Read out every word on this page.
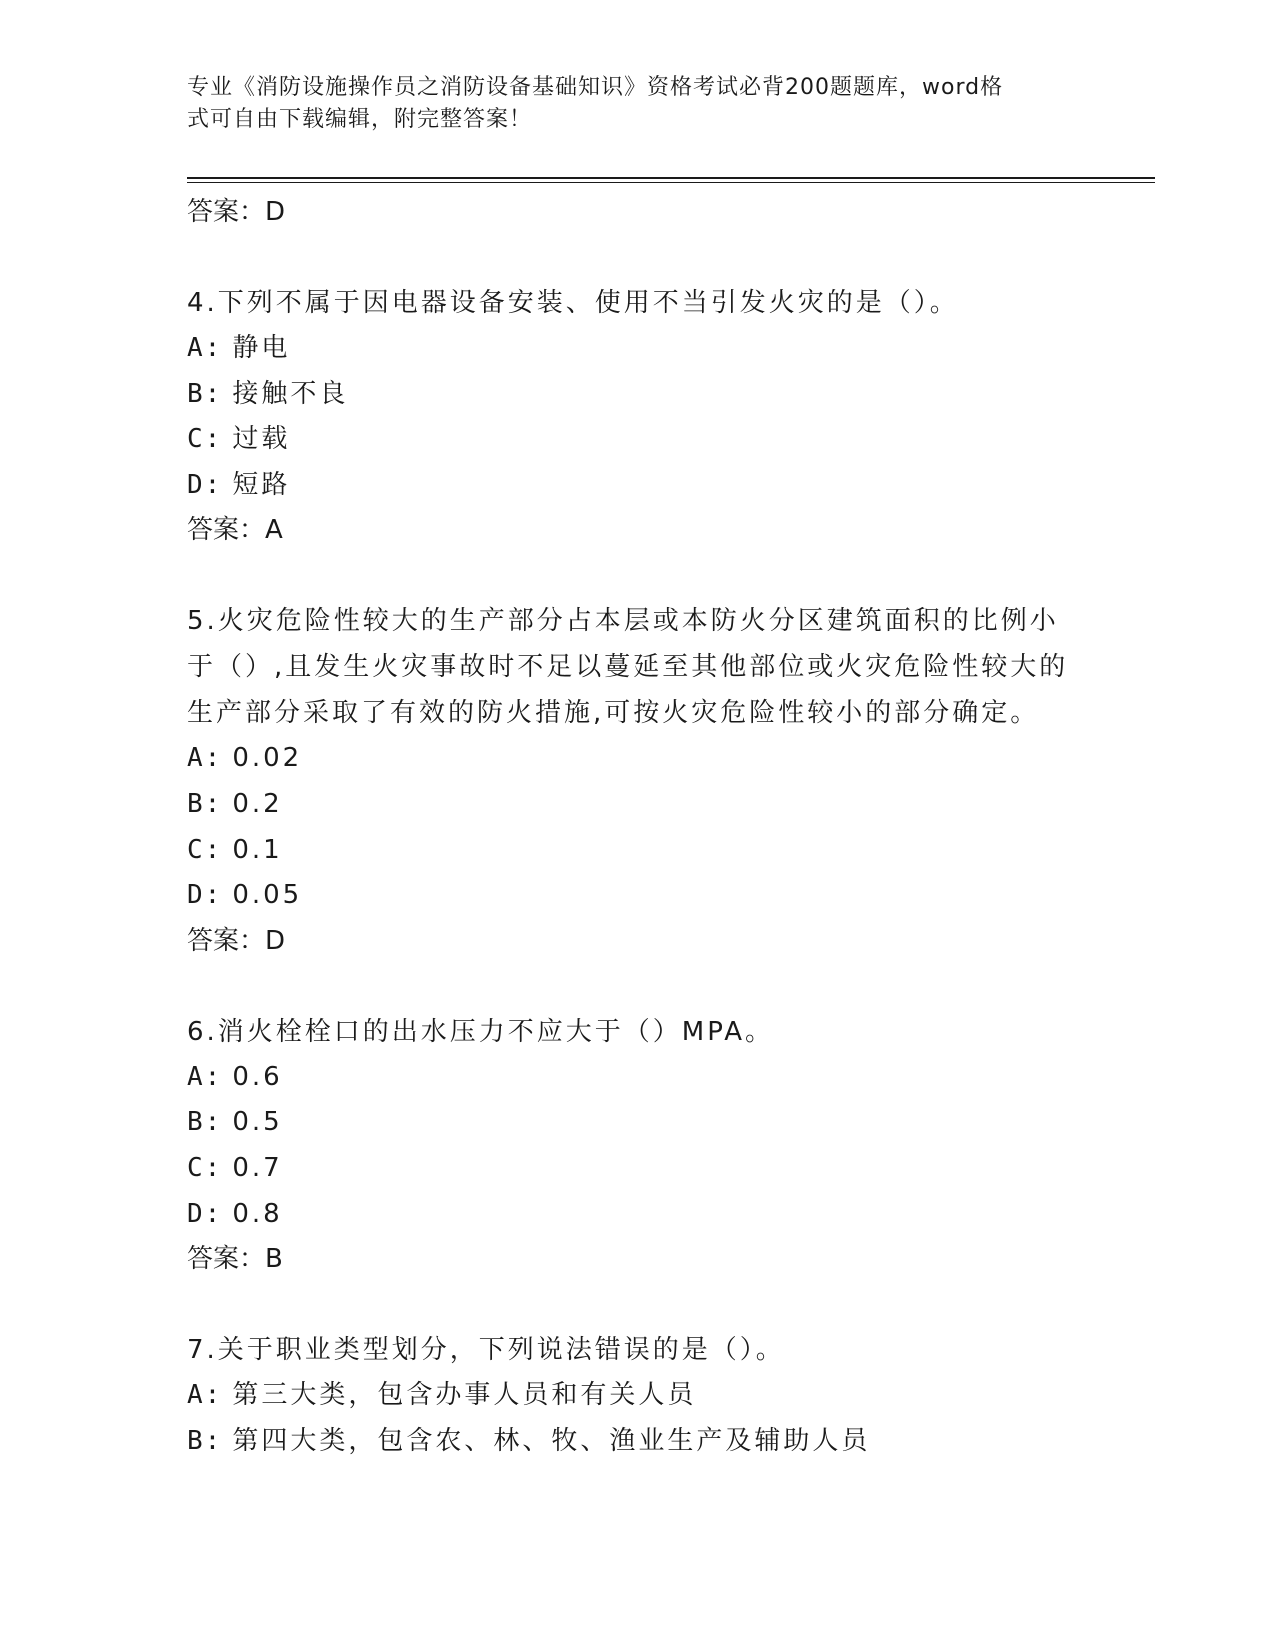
专业《消防设施操作员之消防设备基础知识》资格考试必背200题题库，word格
式可自由下载编辑，附完整答案！
答案：D
4.下列不属于因电器设备安装、使用不当引发火灾的是（）。
A: 静电
B: 接触不良
C: 过载
D: 短路
答案：A
5.火灾危险性较大的生产部分占本层或本防火分区建筑面积的比例小
于（）,且发生火灾事故时不足以蔓延至其他部位或火灾危险性较大的
生产部分采取了有效的防火措施,可按火灾危险性较小的部分确定。
A: 0.02
B: 0.2
C: 0.1
D: 0.05
答案：D
6.消火栓栓口的出水压力不应大于（）MPA。
A: 0.6
B: 0.5
C: 0.7
D: 0.8
答案：B
7.关于职业类型划分，下列说法错误的是（）。
A: 第三大类，包含办事人员和有关人员
B: 第四大类，包含农、林、牧、渔业生产及辅助人员
